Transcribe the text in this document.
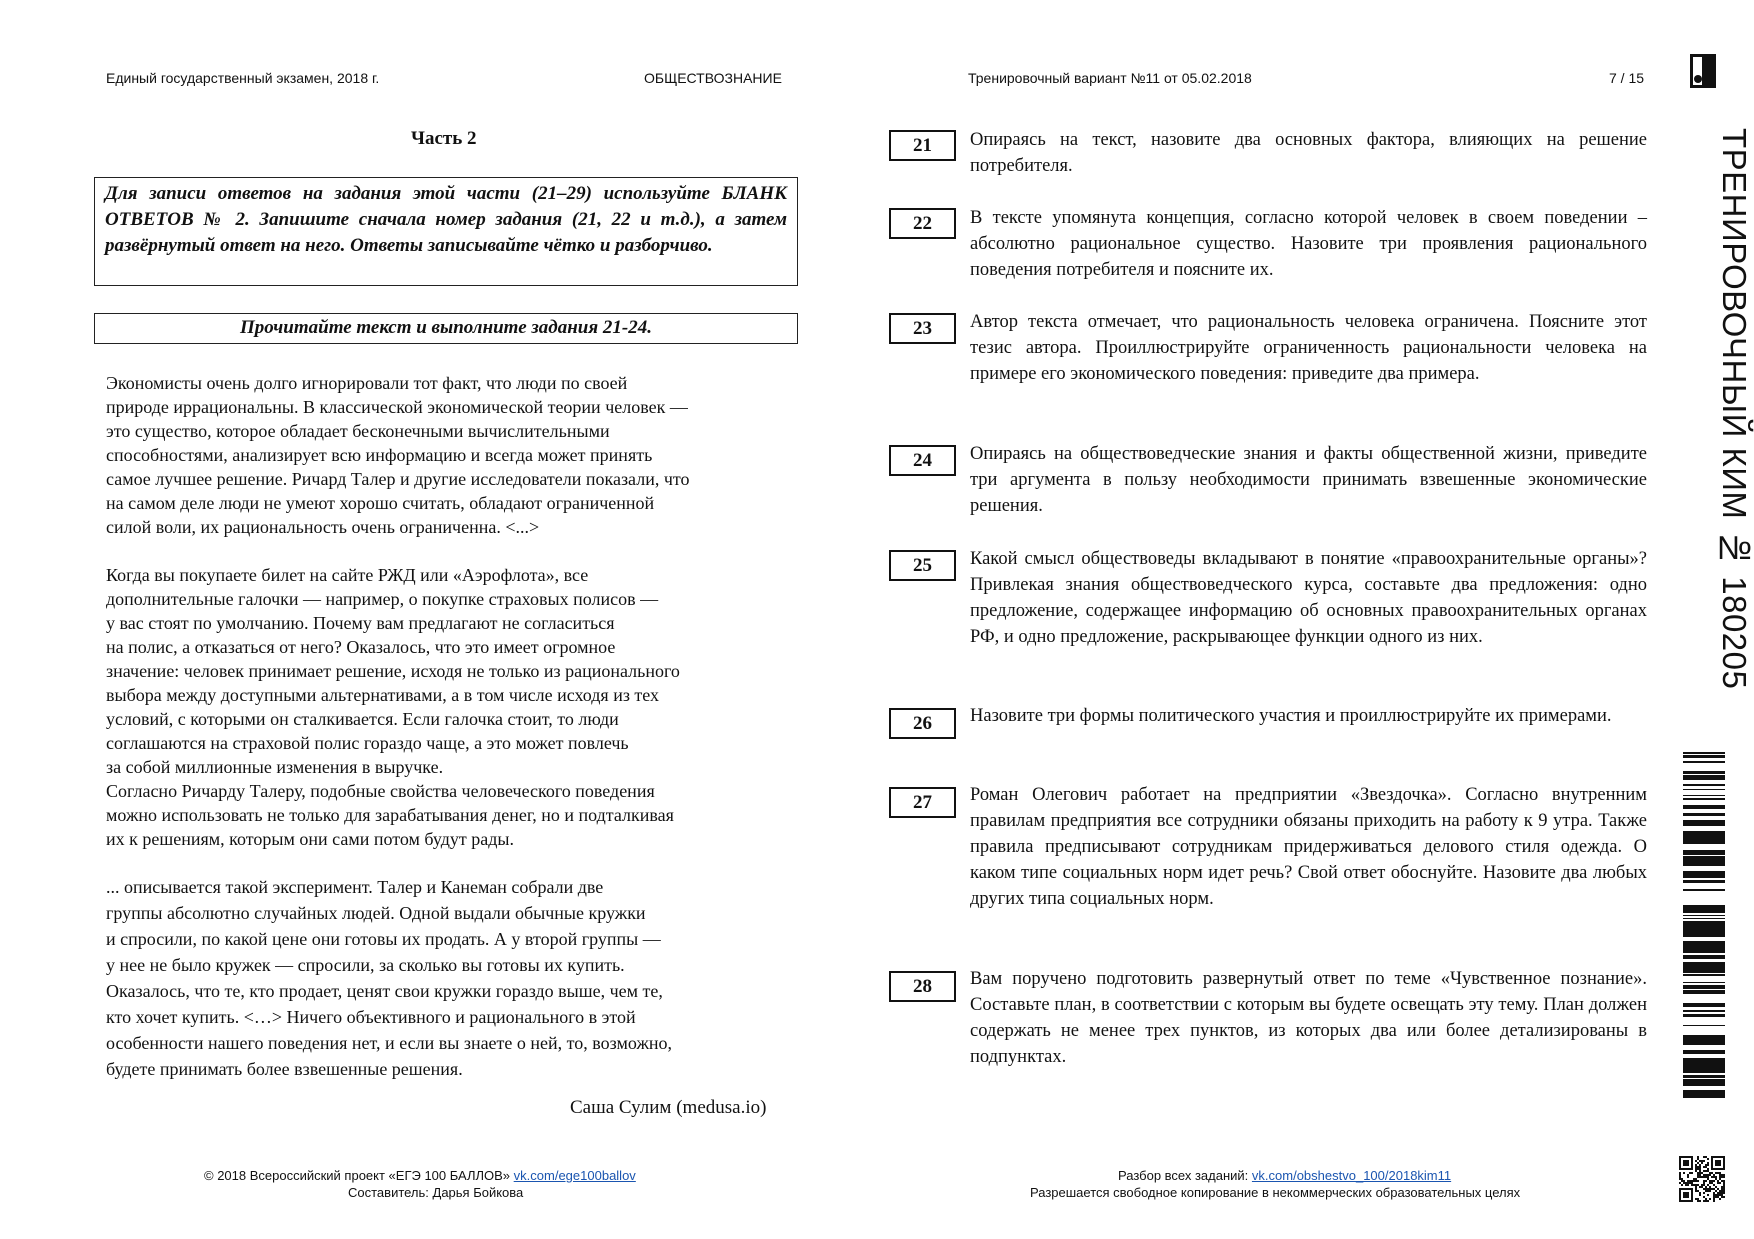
Единый государственный экзамен, 2018 г.	ОБЩЕСТВОЗНАНИЕ	Тренировочный вариант №11 от 05.02.2018	7 / 15
Часть 2
Для записи ответов на задания этой части (21–29) используйте БЛАНК ОТВЕТОВ № 2. Запишите сначала номер задания (21, 22 и т.д.), а затем развёрнутый ответ на него. Ответы записывайте чётко и разборчиво.
Прочитайте текст и выполните задания 21-24.
Экономисты очень долго игнорировали тот факт, что люди по своей
природе иррациональны. В классической экономической теории человек —
это существо, которое обладает бесконечными вычислительными
способностями, анализирует всю информацию и всегда может принять
самое лучшее решение. Ричард Талер и другие исследователи показали, что
на самом деле люди не умеют хорошо считать, обладают ограниченной
силой воли, их рациональность очень ограниченна. <...>
Когда вы покупаете билет на сайте РЖД или «Аэрофлота», все
дополнительные галочки — например, о покупке страховых полисов —
у вас стоят по умолчанию. Почему вам предлагают не согласиться
на полис, а отказаться от него? Оказалось, что это имеет огромное
значение: человек принимает решение, исходя не только из рационального
выбора между доступными альтернативами, а в том числе исходя из тех
условий, с которыми он сталкивается. Если галочка стоит, то люди
соглашаются на страховой полис гораздо чаще, а это может повлечь
за собой миллионные изменения в выручке.
Согласно Ричарду Талеру, подобные свойства человеческого поведения
можно использовать не только для зарабатывания денег, но и подталкивая
их к решениям, которым они сами потом будут рады.
... описывается такой эксперимент. Талер и Канеман собрали две
группы абсолютно случайных людей. Одной выдали обычные кружки
и спросили, по какой цене они готовы их продать. А у второй группы —
у нее не было кружек — спросили, за сколько вы готовы их купить.
Оказалось, что те, кто продает, ценят свои кружки гораздо выше, чем те,
кто хочет купить. <…> Ничего объективного и рационального в этой
особенности нашего поведения нет, и если вы знаете о ней, то, возможно,
будете принимать более взвешенные решения.
Саша Сулим (medusa.io)
21	Опираясь на текст, назовите два основных фактора, влияющих на решение потребителя.
22	В тексте упомянута концепция, согласно которой человек в своем поведении – абсолютно рациональное существо. Назовите три проявления рационального поведения потребителя и поясните их.
23	Автор текста отмечает, что рациональность человека ограничена. Поясните этот тезис автора. Проиллюстрируйте ограниченность рациональности человека на примере его экономического поведения: приведите два примера.
24	Опираясь на обществоведческие знания и факты общественной жизни, приведите три аргумента в пользу необходимости принимать взвешенные экономические решения.
25	Какой смысл обществоведы вкладывают в понятие «правоохранительные органы»? Привлекая знания обществоведческого курса, составьте два предложения: одно предложение, содержащее информацию об основных правоохранительных органах РФ, и одно предложение, раскрывающее функции одного из них.
26	Назовите три формы политического участия и проиллюстрируйте их примерами.
27	Роман Олегович работает на предприятии «Звездочка». Согласно внутренним правилам предприятия все сотрудники обязаны приходить на работу к 9 утра. Также правила предписывают сотрудникам придерживаться делового стиля одежда. О каком типе социальных норм идет речь? Свой ответ обоснуйте. Назовите два любых других типа социальных норм.
28	Вам поручено подготовить развернутый ответ по теме «Чувственное познание». Составьте план, в соответствии с которым вы будете освещать эту тему. План должен содержать не менее трех пунктов, из которых два или более детализированы в подпунктах.
ТРЕНИРОВОЧНЫЙ КИМ № 180205
© 2018 Всероссийский проект «ЕГЭ 100 БАЛЛОВ» vk.com/ege100ballov
Составитель: Дарья Бойкова
Разбор всех заданий: vk.com/obshestvo_100/2018kim11
Разрешается свободное копирование в некоммерческих образовательных целях
